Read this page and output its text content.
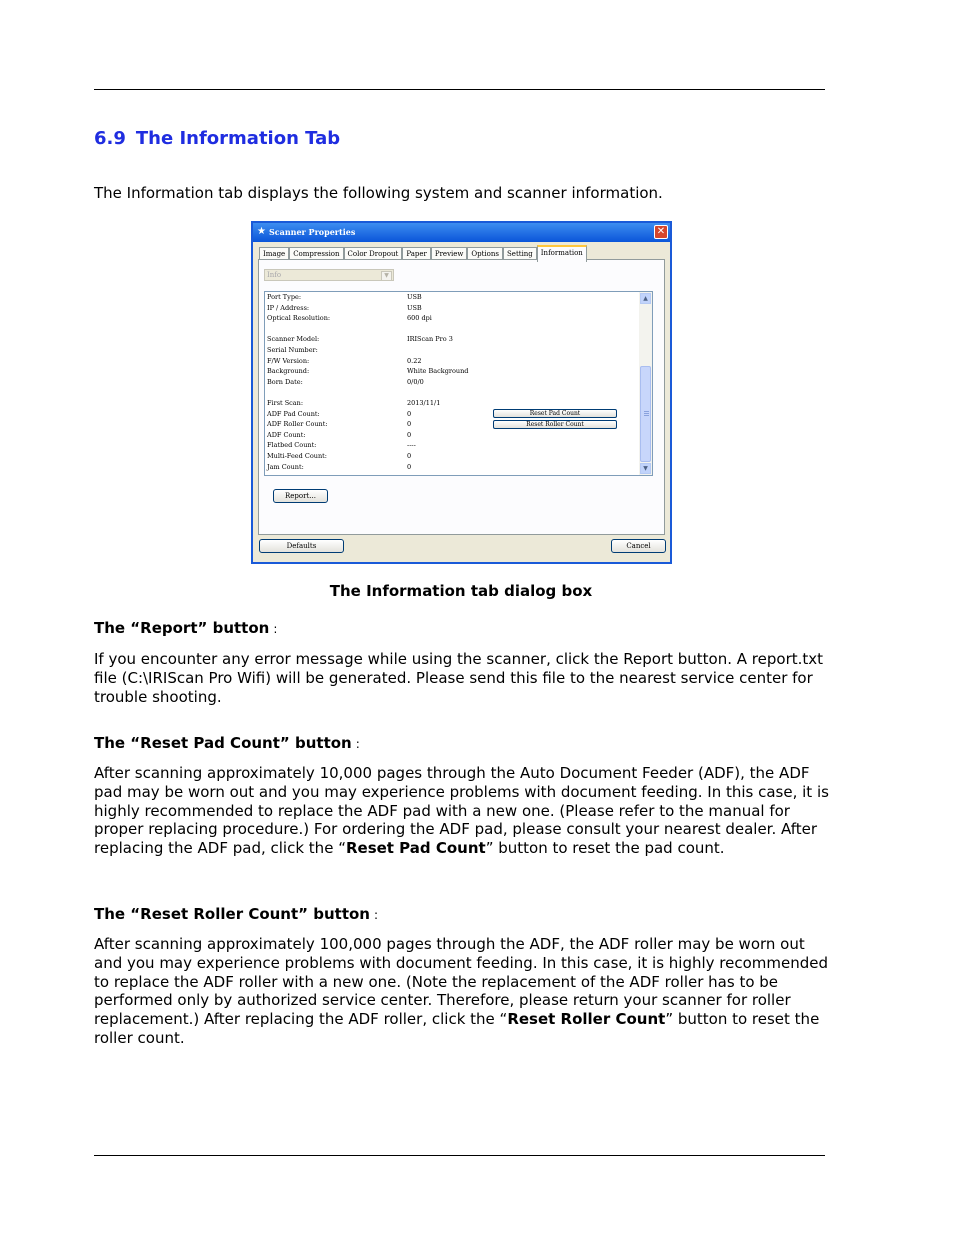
6.9 The Information Tab

The Information tab displays the following system and scanner information.

★ Scanner Properties	✕
Image	Compression	Color Dropout	Paper	Preview	Options	Setting	Information
Info	▼
Port Type:	USB
IP / Address:	USB
Optical Resolution:	600 dpi
Scanner Model:	IRIScan Pro 3
Serial Number:
F/W Version:	0.22
Background:	White Background
Born Date:	0/0/0
First Scan:	2013/11/1
ADF Pad Count:	0
ADF Roller Count:	0
ADF Count:	0
Flatbed Count:	----
Multi-Feed Count:	0
Jam Count:	0
Reset Pad Count
Reset Roller Count
▲
▼
Report...
Defaults	Cancel
The Information tab dialog box
The “Report” button :

If you encounter any error message while using the scanner, click the Report button. A report.txt file (C:\IRIScan Pro Wifi) will be generated. Please send this file to the nearest service center for trouble shooting.

The “Reset Pad Count” button :

After scanning approximately 10,000 pages through the Auto Document Feeder (ADF), the ADF pad may be worn out and you may experience problems with document feeding. In this case, it is highly recommended to replace the ADF pad with a new one. (Please refer to the manual for proper replacing procedure.) For ordering the ADF pad, please consult your nearest dealer. After replacing the ADF pad, click the “Reset Pad Count” button to reset the pad count.

The “Reset Roller Count” button :

After scanning approximately 100,000 pages through the ADF, the ADF roller may be worn out and you may experience problems with document feeding. In this case, it is highly recommended to replace the ADF roller with a new one. (Note the replacement of the ADF roller has to be performed only by authorized service center. Therefore, please return your scanner for roller replacement.) After replacing the ADF roller, click the “Reset Roller Count” button to reset the roller count.
